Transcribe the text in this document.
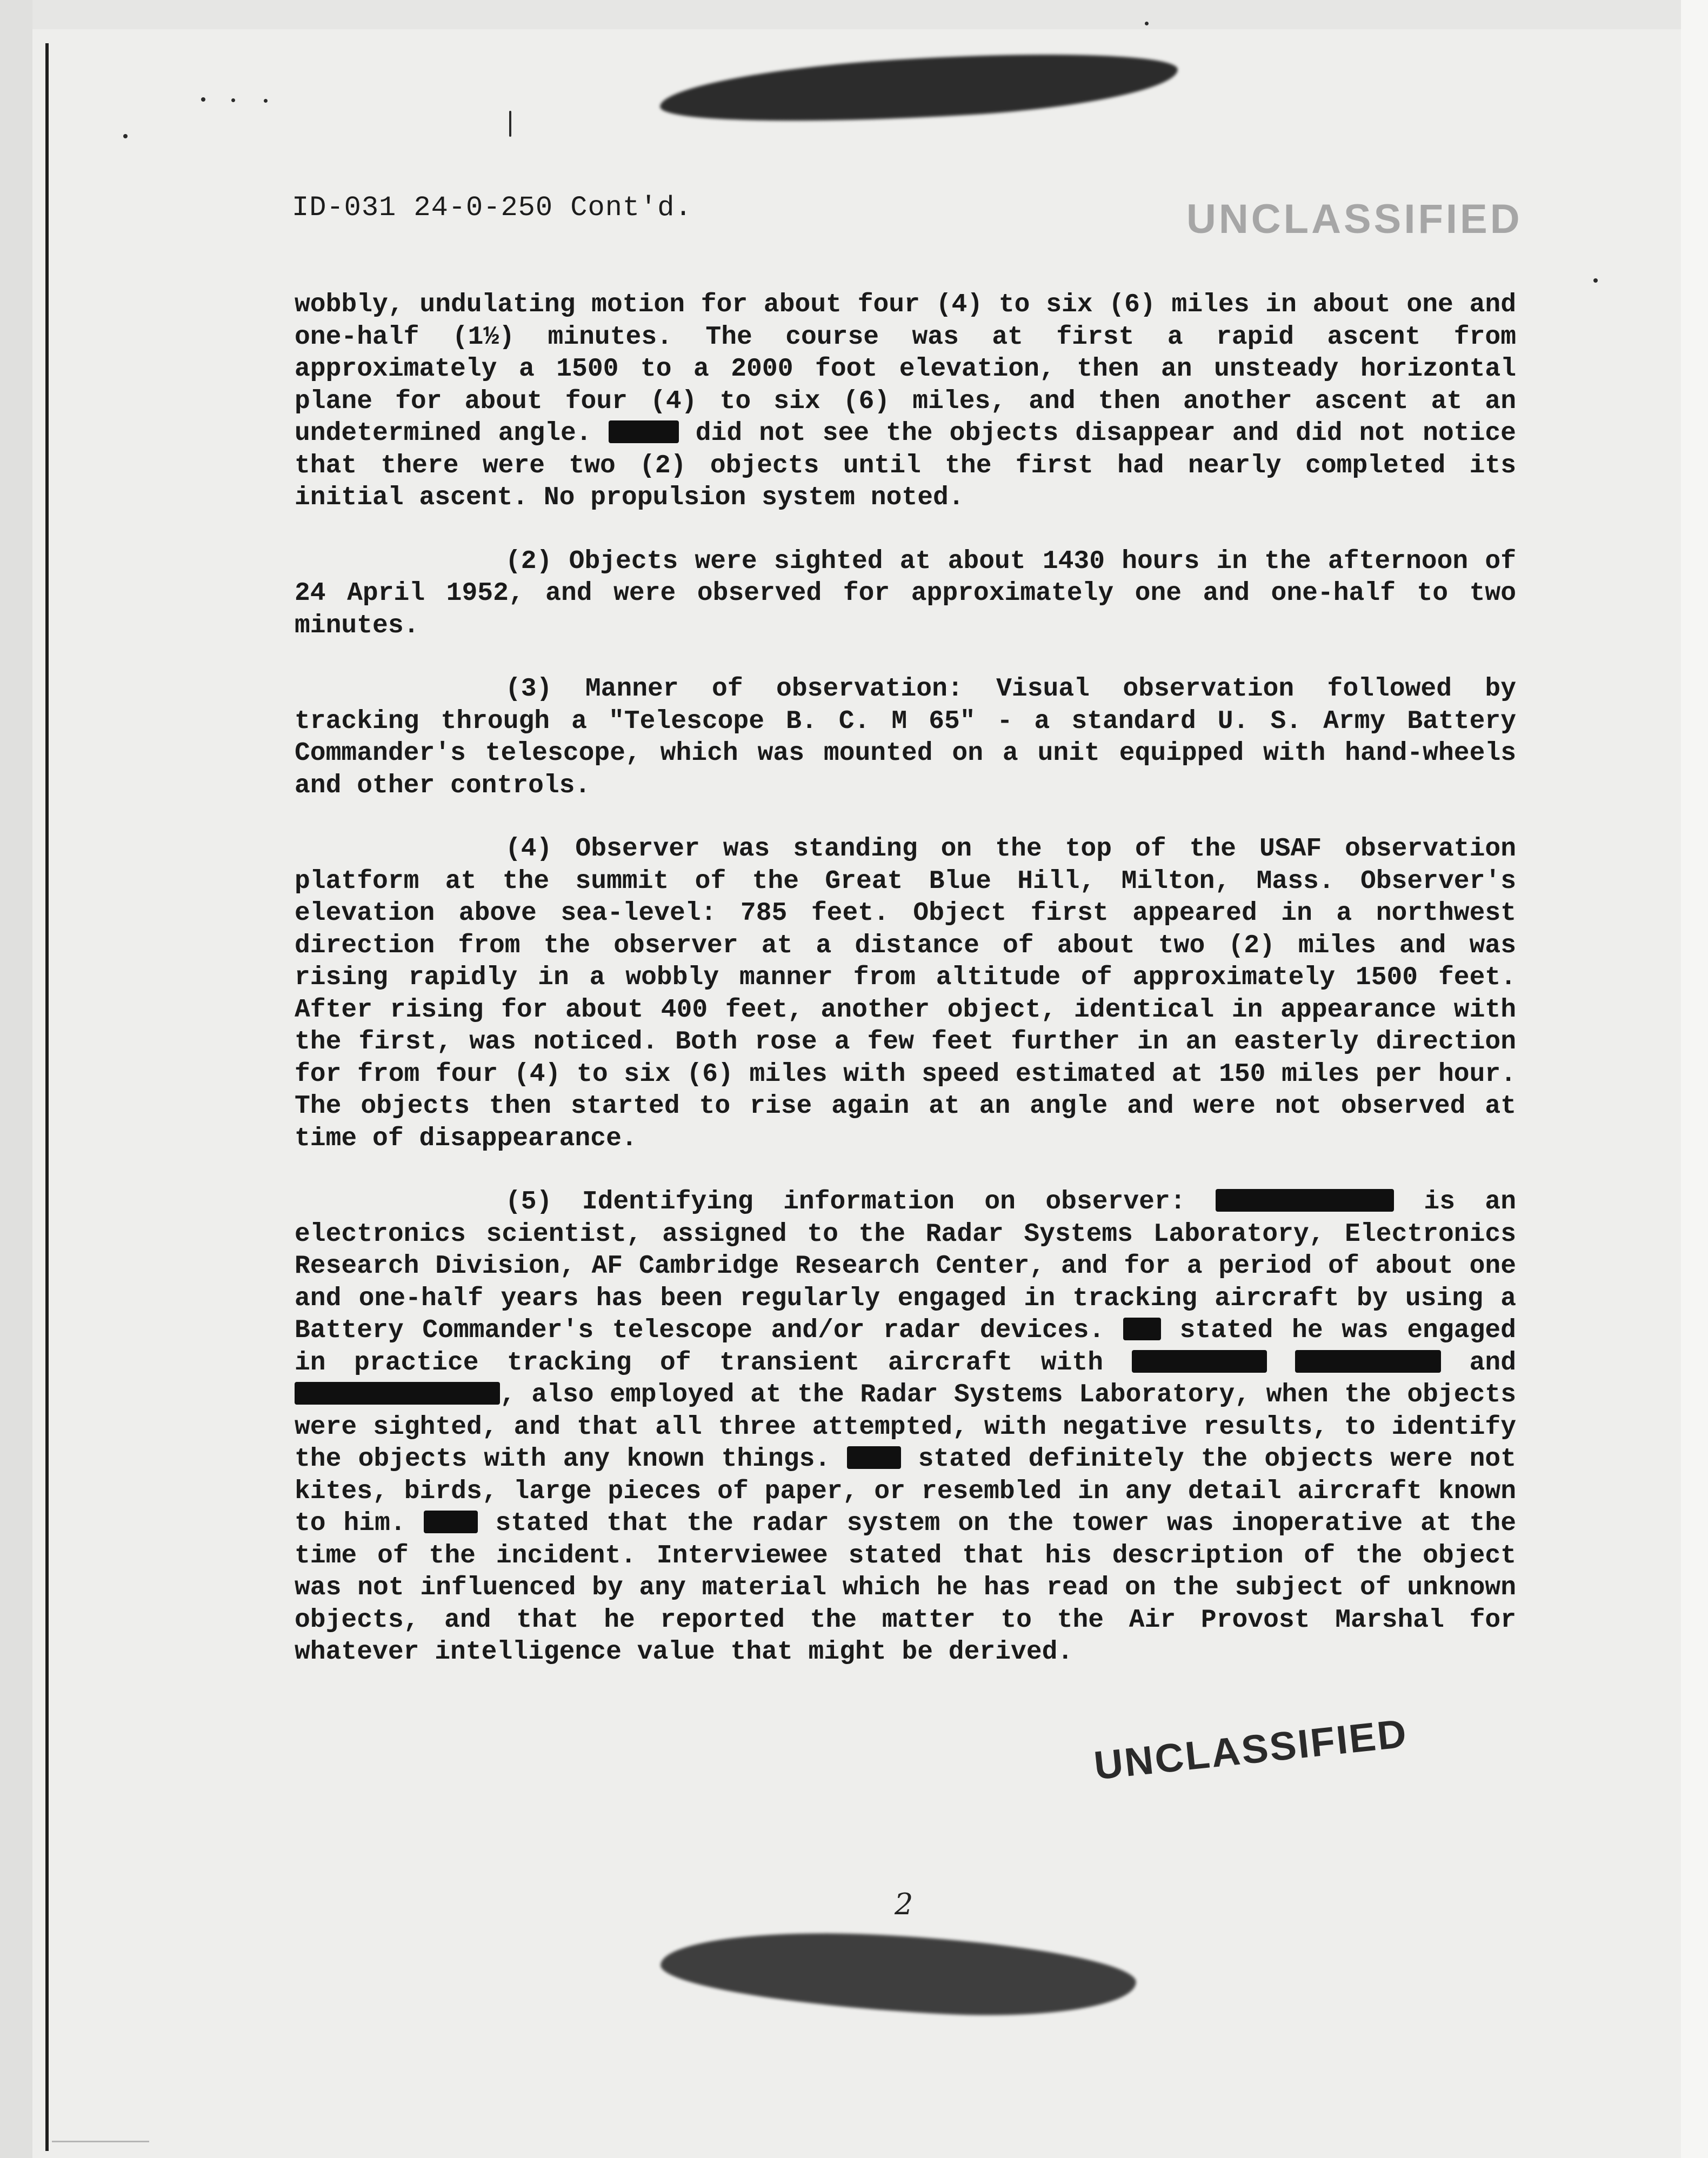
ID-031 24-0-250 Cont'd.	UNCLASSIFIED

wobbly, undulating motion for about four (4) to six (6) miles in about one and one-half (1½) minutes. The course was at first a rapid ascent from approximately a 1500 to a 2000 foot elevation, then an unsteady horizontal plane for about four (4) to six (6) miles, and then another ascent at an undetermined angle.	did not see the objects disappear and did not notice that there were two (2) objects until the first had nearly completed its initial ascent. No propulsion system noted.

(2) Objects were sighted at about 1430 hours in the afternoon of 24 April 1952, and were observed for approximately one and one-half to two minutes.

(3) Manner of observation: Visual observation followed by tracking through a "Telescope B. C. M 65" - a standard U. S. Army Battery Commander's telescope, which was mounted on a unit equipped with hand-wheels and other controls.

(4) Observer was standing on the top of the USAF observation platform at the summit of the Great Blue Hill, Milton, Mass. Observer's elevation above sea-level: 785 feet. Object first appeared in a northwest direction from the observer at a distance of about two (2) miles and was rising rapidly in a wobbly manner from altitude of approximately 1500 feet. After rising for about 400 feet, another object, identical in appearance with the first, was noticed. Both rose a few feet further in an easterly direction for from four (4) to six (6) miles with speed estimated at 150 miles per hour. The objects then started to rise again at an angle and were not observed at time of disappearance.

(5) Identifying information on observer:	is an electronics scientist, assigned to the Radar Systems Laboratory, Electronics Research Division, AF Cambridge Research Center, and for a period of about one and one-half years has been regularly engaged in tracking aircraft by using a Battery Commander's telescope and/or radar devices.	stated he was engaged in practice tracking of transient aircraft with	and , also employed at the Radar Systems Laboratory, when the objects were sighted, and that all three attempted, with negative results, to identify the objects with any known things.	stated definitely the objects were not kites, birds, large pieces of paper, or resembled in any detail aircraft known to him.	stated that the radar system on the tower was inoperative at the time of the incident. Interviewee stated that his description of the object was not influenced by any material which he has read on the subject of unknown objects, and that he reported the matter to the Air Provost Marshal for whatever intelligence value that might be derived.

UNCLASSIFIED
2
